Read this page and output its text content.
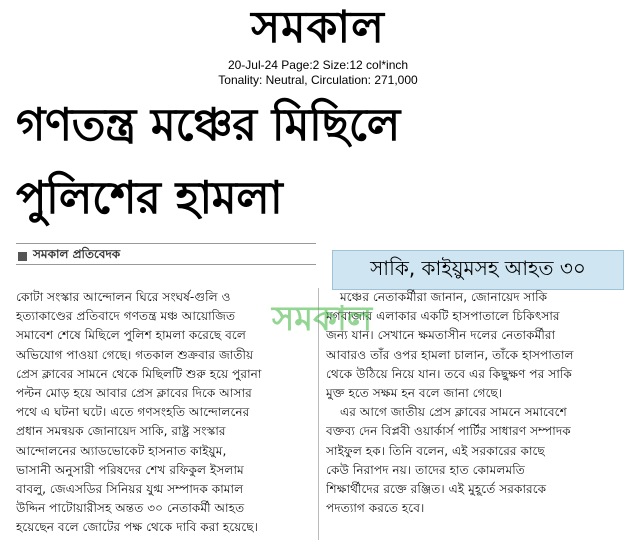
সমকাল
20-Jul-24 Page:2 Size:12 col*inch
Tonality: Neutral, Circulation: 271,000
গণতন্ত্র মঞ্চের মিছিলে
পুলিশের হামলা
সমকাল প্রতিবেদক
সাকি, কাইয়ুমসহ আহত ৩০

কোটা সংস্কার আন্দোলন ঘিরে সংঘর্ষ-গুলি ও

হত্যাকাণ্ডের প্রতিবাদে গণতন্ত্র মঞ্চ আয়োজিত

সমাবেশ শেষে মিছিলে পুলিশ হামলা করেছে বলে

অভিযোগ পাওয়া গেছে। গতকাল শুক্রবার জাতীয়

প্রেস ক্লাবের সামনে থেকে মিছিলটি শুরু হয়ে পুরানা

পল্টন মোড় হয়ে আবার প্রেস ক্লাবের দিকে আসার

পথে এ ঘটনা ঘটে। এতে গণসংহতি আন্দোলনের

প্রধান সমন্বয়ক জোনায়েদ সাকি, রাষ্ট্র সংস্কার

আন্দোলনের অ্যাডভোকেট হাসনাত কাইয়ুম,

ভাসানী অনুসারী পরিষদের শেখ রফিকুল ইসলাম

বাবলু, জেএসডির সিনিয়র যুগ্ম সম্পাদক কামাল

উদ্দিন পাটোয়ারীসহ অন্তত ৩০ নেতাকর্মী আহত

হয়েছেন বলে জোটের পক্ষ থেকে দাবি করা হয়েছে।

মঞ্চের নেতাকর্মীরা জানান, জোনায়েদ সাকি

মগবাজার এলাকার একটি হাসপাতালে চিকিৎসার

জন্য যান। সেখানে ক্ষমতাসীন দলের নেতাকর্মীরা

আবারও তাঁর ওপর হামলা চালান, তাঁকে হাসপাতাল

থেকে উঠিয়ে নিয়ে যান। তবে এর কিছুক্ষণ পর সাকি

মুক্ত হতে সক্ষম হন বলে জানা গেছে।

এর আগে জাতীয় প্রেস ক্লাবের সামনে সমাবেশে

বক্তব্য দেন বিপ্লবী ওয়ার্কার্স পার্টির সাধারণ সম্পাদক

সাইফুল হক। তিনি বলেন, এই সরকারের কাছে

কেউ নিরাপদ নয়। তাদের হাত কোমলমতি

শিক্ষার্থীদের রক্তে রঞ্জিত। এই মুহূর্তে সরকারকে

পদত্যাগ করতে হবে।

সমকাল
